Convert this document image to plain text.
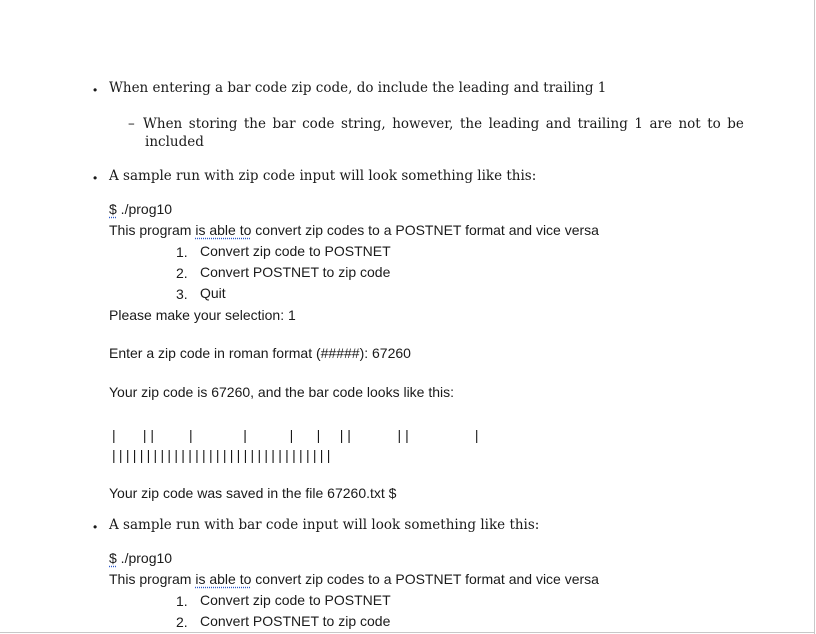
• When entering a bar code zip code, do include the leading and trailing 1
– When storing the bar code string, however, the leading and trailing 1 are not to be
included
• A sample run with zip code input will look something like this:
$ ./prog10
This program is able to convert zip codes to a POSTNET format and vice versa
1. Convert zip code to POSTNET
2. Convert POSTNET to zip code
3. Quit
Please make your selection: 1
Enter a zip code in roman format (#####): 67260
Your zip code is 67260, and the bar code looks like this:
|       | |         |             |           |      |     | |            | |                 |
| | | | | | | | | | | | | | | | | | | | | | | | | | | | | | | |
Your zip code was saved in the file 67260.txt $
• A sample run with bar code input will look something like this:
$ ./prog10
This program is able to convert zip codes to a POSTNET format and vice versa
1. Convert zip code to POSTNET
2. Convert POSTNET to zip code
